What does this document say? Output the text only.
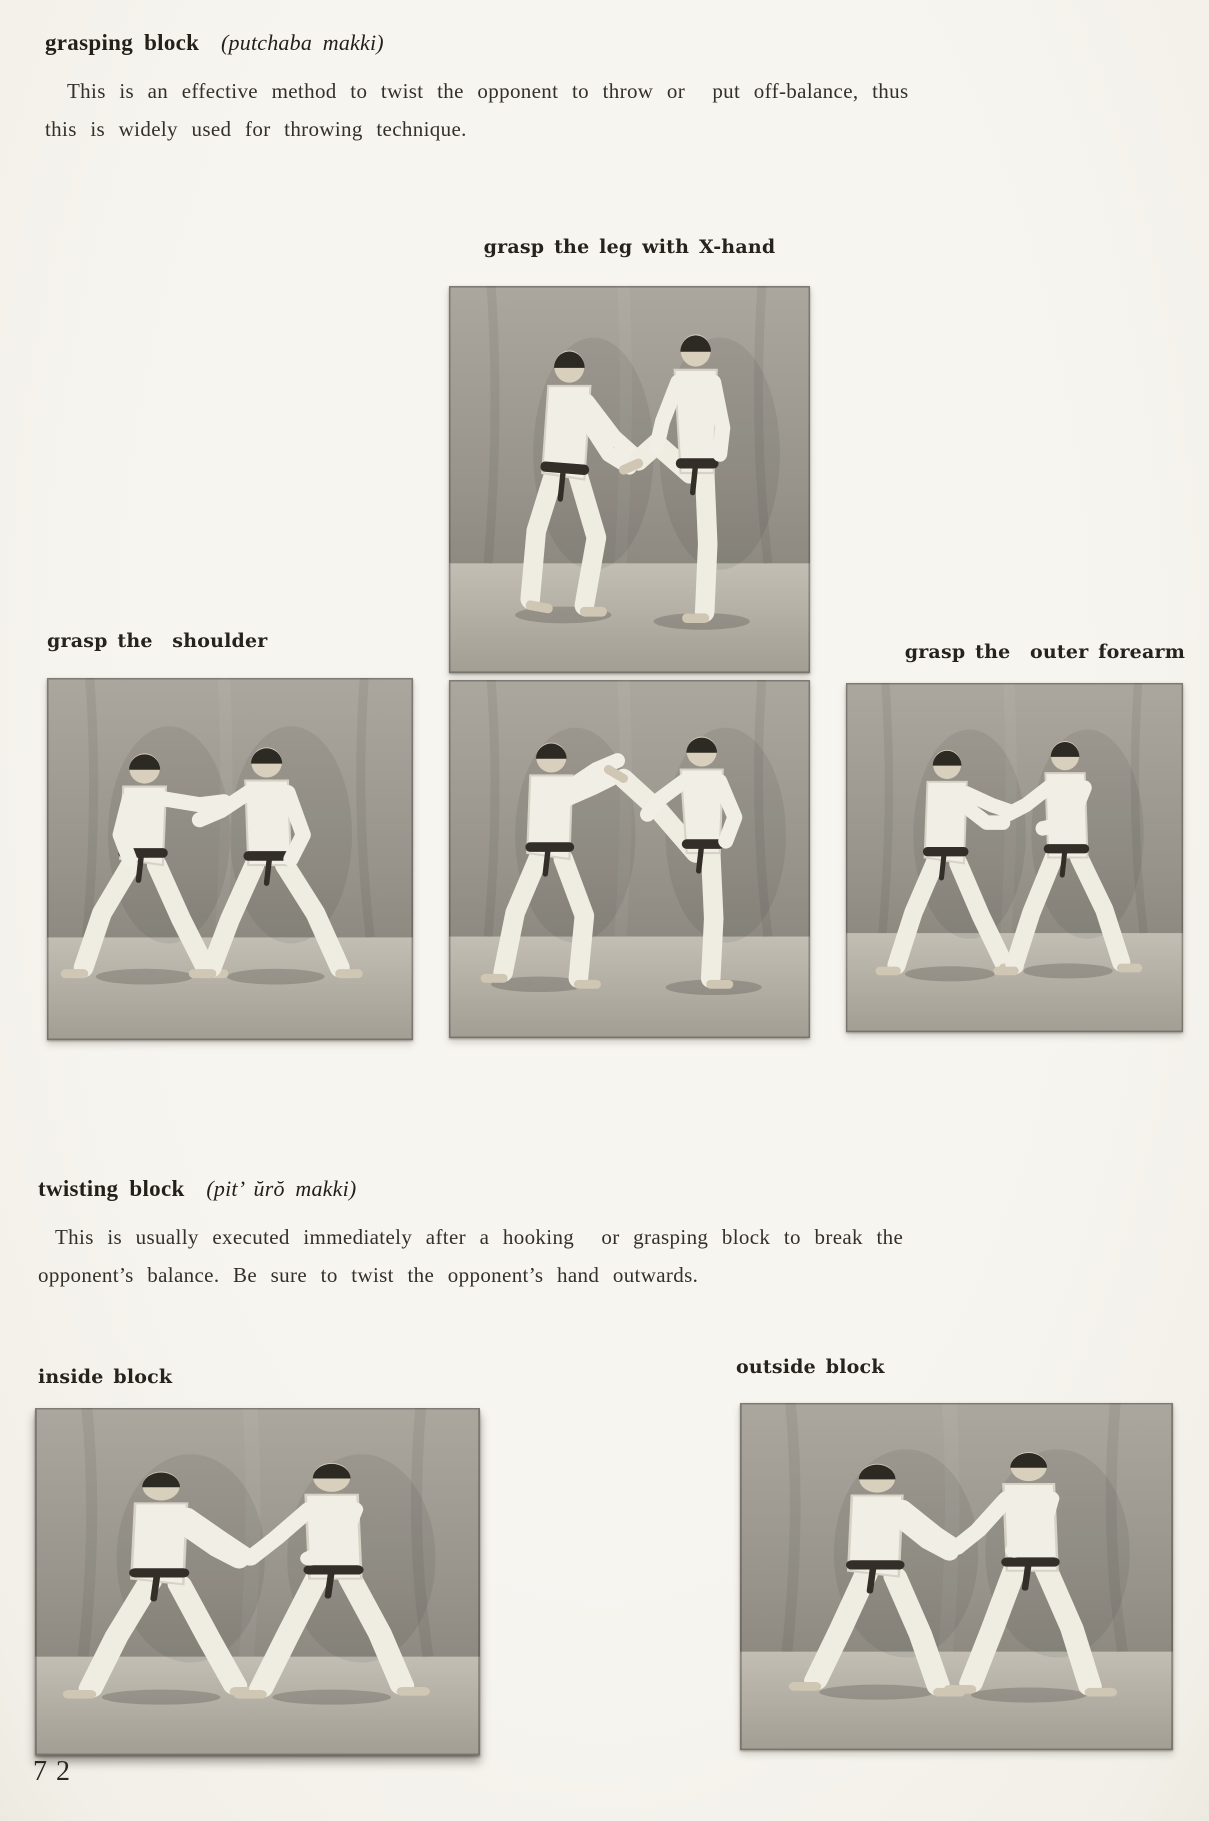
grasping block (putchaba makki)
This is an effective method to twist the opponent to throw or  put off-balance, thus
this is widely used for throwing technique.
grasp the leg with X-hand
grasp the  shoulder	grasp the  outer forearm
twisting block (pit’ ŭrŏ makki)
This is usually executed immediately after a hooking  or grasping block to break the
opponent’s balance. Be sure to twist the opponent’s hand outwards.
inside block	outside block
72
